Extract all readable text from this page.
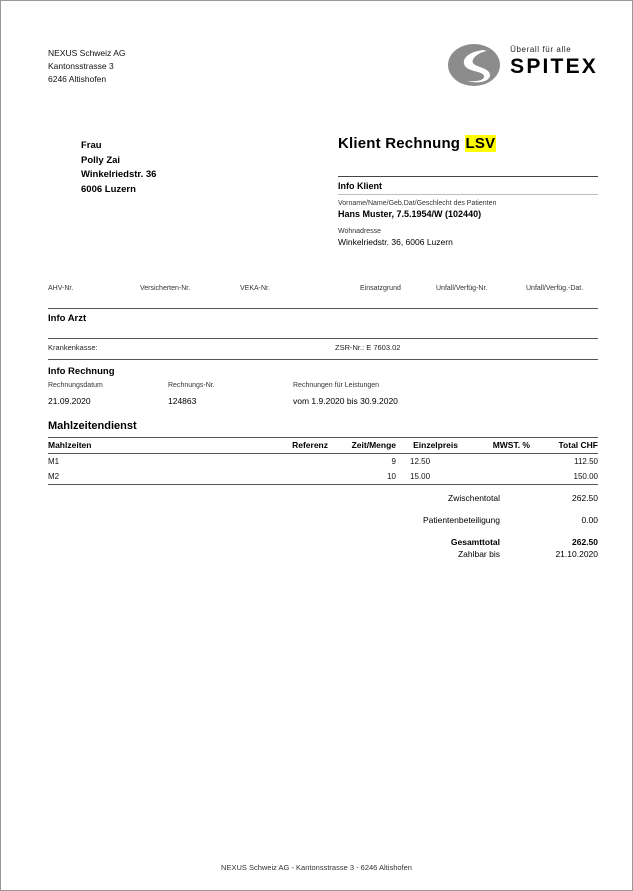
NEXUS Schweiz AG
Kantonsstrasse 3
6246 Altishofen
Überall für alle
SPITEX
Frau
Polly Zai
Winkelriedstr. 36
6006 Luzern
Klient Rechnung LSV
Info Klient
Vorname/Name/Geb.Dat/Geschlecht des Patienten
Hans Muster, 7.5.1954/W (102440)
Wohnadresse
Winkelriedstr. 36, 6006 Luzern
AHV-Nr.	Versicherten-Nr.	VEKA-Nr.	Einsatzgrund	Unfall/Verfüg-Nr.	Unfall/Verfüg.-Dat.
Info Arzt
Krankenkasse:	ZSR-Nr.: E 7603.02
Info Rechnung
Rechnungsdatum	Rechnungs-Nr.	Rechnungen für Leistungen
21.09.2020	124863	vom 1.9.2020 bis 30.9.2020
Mahlzeitendienst
Mahlzeiten	Referenz	Zeit/Menge	Einzelpreis	MWST. %	Total CHF
M1		9	12.50		112.50
M2		10	15.00		150.00
Zwischentotal	262.50
Patientenbeteiligung	0.00
Gesamttotal	262.50
Zahlbar bis	21.10.2020
NEXUS Schweiz AG - Kantonsstrasse 3 - 6246 Altishofen
